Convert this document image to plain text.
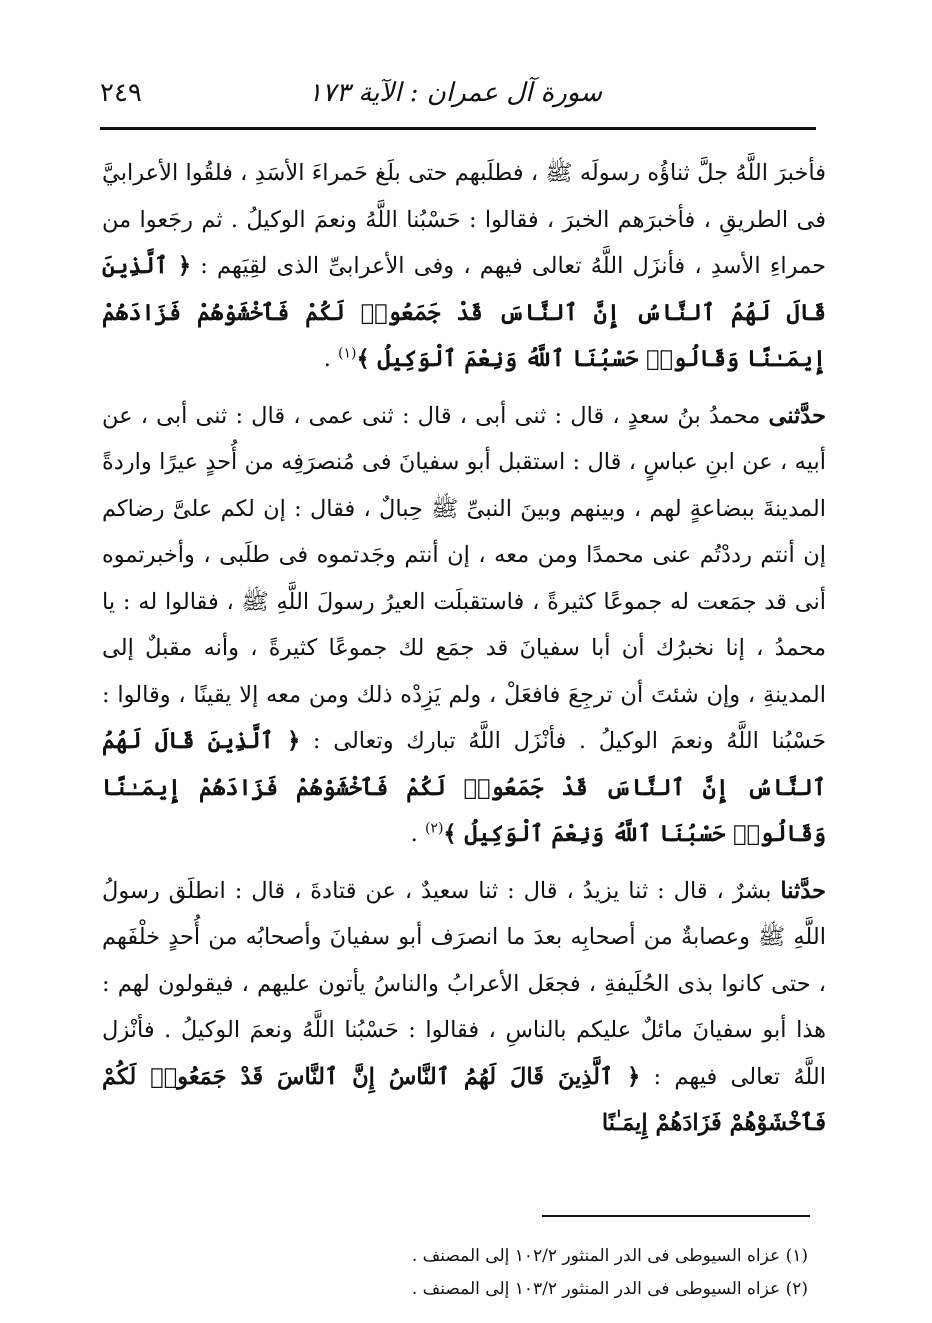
٢٤٩	سورة آل عمران : الآية ١٧٣

فأخبرَ اللَّهُ جلَّ ثناؤُه رسولَه ﷺ ، فطلَبهم حتى بلَغ حَمراءَ الأسَدِ ، فلقُوا الأعرابيَّ فى الطريقِ ، فأخبرَهم الخبرَ ، فقالوا : حَسْبُنا اللَّهُ ونعمَ الوكيلُ . ثم رجَعوا من حمراءِ الأسدِ ، فأنزَل اللَّهُ تعالى فيهم ، وفى الأعرابىِّ الذى لقِيَهم : ﴿ ٱلَّذِينَ قَالَ لَهُمُ ٱلنَّاسُ إِنَّ ٱلنَّاسَ قَدْ جَمَعُوا۟ لَكُمْ فَٱخْشَوْهُمْ فَزَادَهُمْ إِيمَـٰنًا وَقَالُوا۟ حَسْبُنَا ٱللَّهُ وَنِعْمَ ٱلْوَكِيلُ ﴾$^{(١)}$ .

حدَّثنى محمدُ بنُ سعدٍ ، قال : ثنى أبى ، قال : ثنى عمى ، قال : ثنى أبى ، عن أبيه ، عن ابنِ عباسٍ ، قال : استقبل أبو سفيانَ فى مُنصرَفِه من أُحدٍ عيرًا واردةً المدينةَ ببضاعةٍ لهم ، وبينهم وبينَ النبىِّ ﷺ حِبالٌ ، فقال : إن لكم علىَّ رضاكم إن أنتم رددْتُم عنى محمدًا ومن معه ، إن أنتم وجَدتموه فى طلَبى ، وأخبرتموه أنى قد جمَعت له جموعًا كثيرةً ، فاستقبلَت العيرُ رسولَ اللَّهِ ﷺ ، فقالوا له : يا محمدُ ، إنا نخبرُك أن أبا سفيانَ قد جمَع لك جموعًا كثيرةً ، وأنه مقبلٌ إلى المدينةِ ، وإن شئتَ أن ترجِعَ فافعَلْ ، ولم يَزِدْه ذلك ومن معه إلا يقينًا ، وقالوا : حَسْبُنا اللَّهُ ونعمَ الوكيلُ . فأنْزَل اللَّهُ تبارك وتعالى : ﴿ ٱلَّذِينَ قَالَ لَهُمُ ٱلنَّاسُ إِنَّ ٱلنَّاسَ قَدْ جَمَعُوا۟ لَكُمْ فَٱخْشَوْهُمْ فَزَادَهُمْ إِيمَـٰنًا وَقَالُوا۟ حَسْبُنَا ٱللَّهُ وَنِعْمَ ٱلْوَكِيلُ ﴾$^{(٢)}$ .

حدَّثنا بشرٌ ، قال : ثنا يزيدُ ، قال : ثنا سعيدٌ ، عن قتادةَ ، قال : انطلَق رسولُ اللَّهِ ﷺ وعصابةٌ من أصحابِه بعدَ ما انصرَف أبو سفيانَ وأصحابُه من أُحدٍ خلْفَهم ، حتى كانوا بذى الحُلَيفةِ ، فجعَل الأعرابُ والناسُ يأتون عليهم ، فيقولون لهم : هذا أبو سفيانَ مائلٌ عليكم بالناسِ ، فقالوا : حَسْبُنا اللَّهُ ونعمَ الوكيلُ . فأنْزل اللَّهُ تعالى فيهم : ﴿ ٱلَّذِينَ قَالَ لَهُمُ ٱلنَّاسُ إِنَّ ٱلنَّاسَ قَدْ جَمَعُوا۟ لَكُمْ فَٱخْشَوْهُمْ فَزَادَهُمْ إِيمَـٰنًا

(١) عزاه السيوطى فى الدر المنثور ١٠٢/٢ إلى المصنف .

(٢) عزاه السيوطى فى الدر المنثور ١٠٣/٢ إلى المصنف .
